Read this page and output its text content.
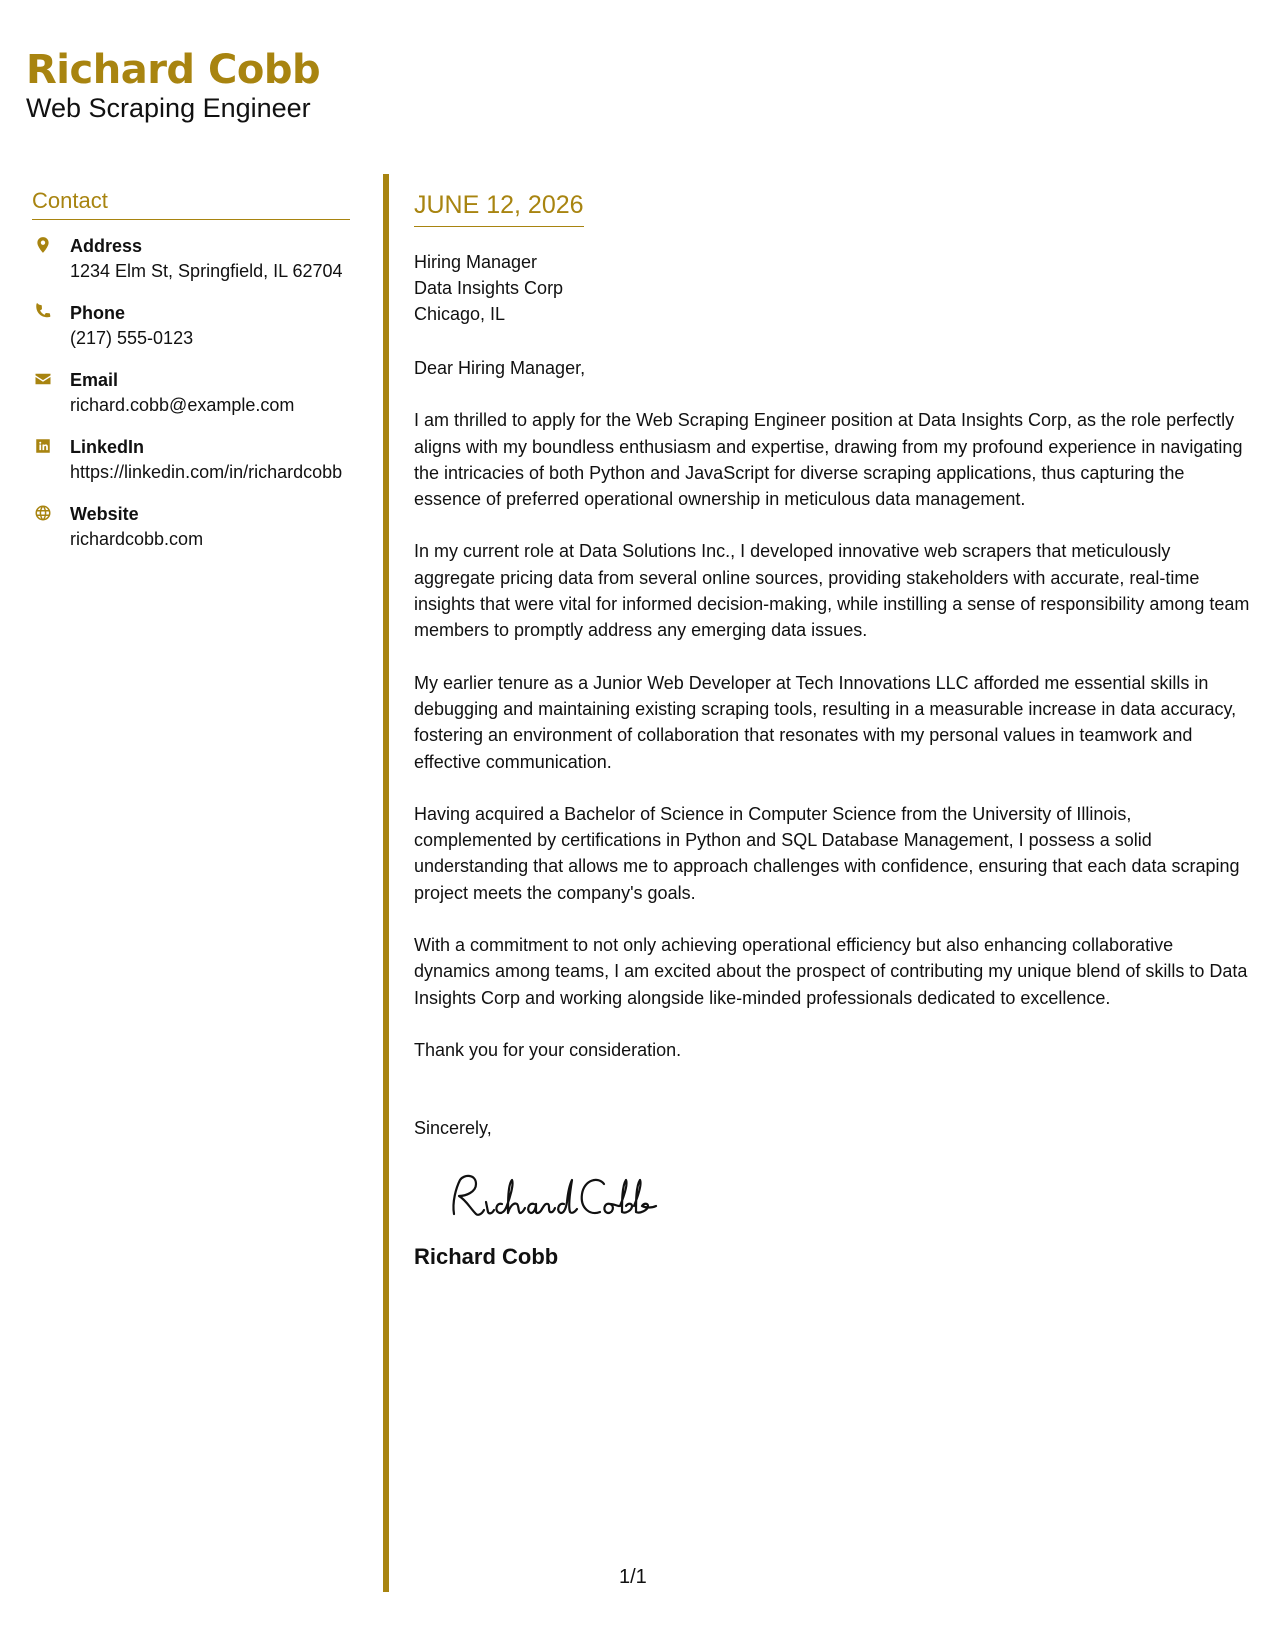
Richard Cobb
Web Scraping Engineer
Contact
Address
1234 Elm St, Springfield, IL 62704
Phone
(217) 555-0123
Email
richard.cobb@example.com
LinkedIn
https://linkedin.com/in/richardcobb
Website
richardcobb.com
JUNE 12, 2026
Hiring Manager
Data Insights Corp
Chicago, IL

Dear Hiring Manager,

I am thrilled to apply for the Web Scraping Engineer position at Data Insights Corp, as the role perfectly aligns with my boundless enthusiasm and expertise, drawing from my profound experience in navigating the intricacies of both Python and JavaScript for diverse scraping applications, thus capturing the essence of preferred operational ownership in meticulous data management.

In my current role at Data Solutions Inc., I developed innovative web scrapers that meticulously aggregate pricing data from several online sources, providing stakeholders with accurate, real-time insights that were vital for informed decision-making, while instilling a sense of responsibility among team members to promptly address any emerging data issues.

My earlier tenure as a Junior Web Developer at Tech Innovations LLC afforded me essential skills in debugging and maintaining existing scraping tools, resulting in a measurable increase in data accuracy, fostering an environment of collaboration that resonates with my personal values in teamwork and effective communication.

Having acquired a Bachelor of Science in Computer Science from the University of Illinois, complemented by certifications in Python and SQL Database Management, I possess a solid understanding that allows me to approach challenges with confidence, ensuring that each data scraping project meets the company's goals.

With a commitment to not only achieving operational efficiency but also enhancing collaborative dynamics among teams, I am excited about the prospect of contributing my unique blend of skills to Data Insights Corp and working alongside like-minded professionals dedicated to excellence.

Thank you for your consideration.

Sincerely,

Richard Cobb
1/1
